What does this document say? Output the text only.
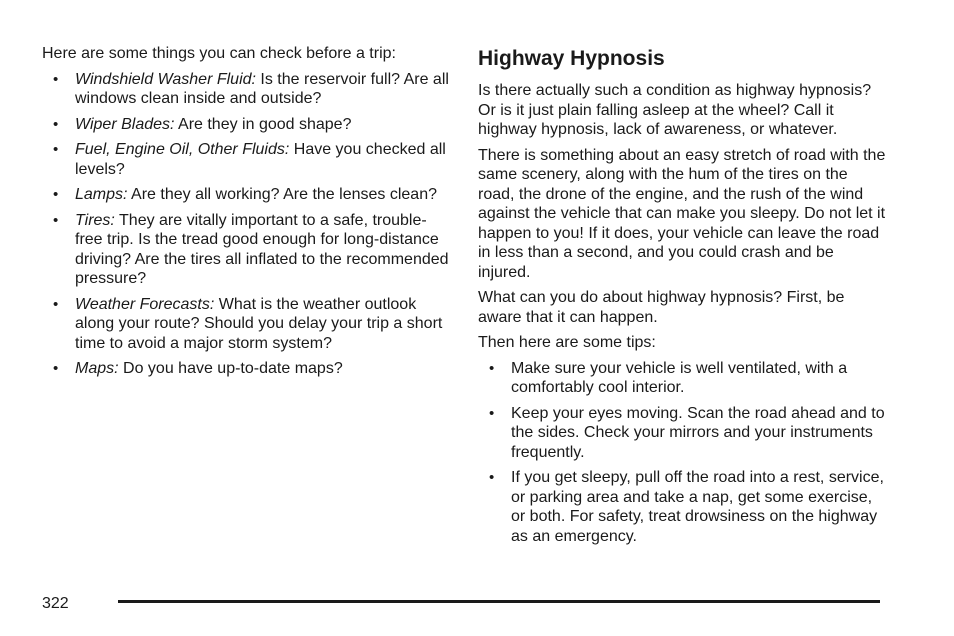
Here are some things you can check before a trip:

• Windshield Washer Fluid: Is the reservoir full? Are all windows clean inside and outside?
• Wiper Blades: Are they in good shape?
• Fuel, Engine Oil, Other Fluids: Have you checked all levels?
• Lamps: Are they all working? Are the lenses clean?
• Tires: They are vitally important to a safe, trouble-free trip. Is the tread good enough for long-distance driving? Are the tires all inflated to the recommended pressure?
• Weather Forecasts: What is the weather outlook along your route? Should you delay your trip a short time to avoid a major storm system?
• Maps: Do you have up-to-date maps?
Highway Hypnosis

Is there actually such a condition as highway hypnosis? Or is it just plain falling asleep at the wheel? Call it highway hypnosis, lack of awareness, or whatever.

There is something about an easy stretch of road with the same scenery, along with the hum of the tires on the road, the drone of the engine, and the rush of the wind against the vehicle that can make you sleepy. Do not let it happen to you! If it does, your vehicle can leave the road in less than a second, and you could crash and be injured.

What can you do about highway hypnosis? First, be aware that it can happen.

Then here are some tips:

• Make sure your vehicle is well ventilated, with a comfortably cool interior.
• Keep your eyes moving. Scan the road ahead and to the sides. Check your mirrors and your instruments frequently.
• If you get sleepy, pull off the road into a rest, service, or parking area and take a nap, get some exercise, or both. For safety, treat drowsiness on the highway as an emergency.
322
